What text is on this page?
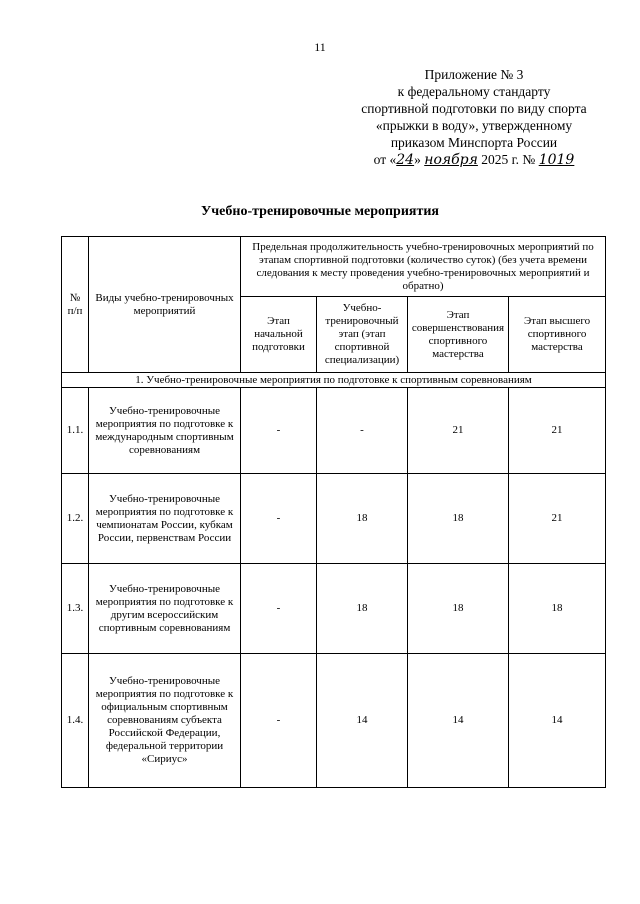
11
Приложение № 3
к федеральному стандарту
спортивной подготовки по виду спорта
«прыжки в воду», утвержденному
приказом Минспорта России
от «24» ноября 2025 г. № 1019
Учебно-тренировочные мероприятия
№ п/п	Виды учебно-тренировочных мероприятий	Предельная продолжительность учебно-тренировочных мероприятий по этапам спортивной подготовки (количество суток) (без учета времени следования к месту проведения учебно-тренировочных мероприятий и обратно)			
		Этап начальной подготовки	Учебно-тренировочный этап (этап спортивной специализации)	Этап совершенствования спортивного мастерства	Этап высшего спортивного мастерства
1. Учебно-тренировочные мероприятия по подготовке к спортивным соревнованиям					
1.1.	Учебно-тренировочные мероприятия по подготовке к международным спортивным соревнованиям	-	-	21	21
1.2.	Учебно-тренировочные мероприятия по подготовке к чемпионатам России, кубкам России, первенствам России	-	18	18	21
1.3.	Учебно-тренировочные мероприятия по подготовке к другим всероссийским спортивным соревнованиям	-	18	18	18
1.4.	Учебно-тренировочные мероприятия по подготовке к официальным спортивным соревнованиям субъекта Российской Федерации, федеральной территории «Сириус»	-	14	14	14
